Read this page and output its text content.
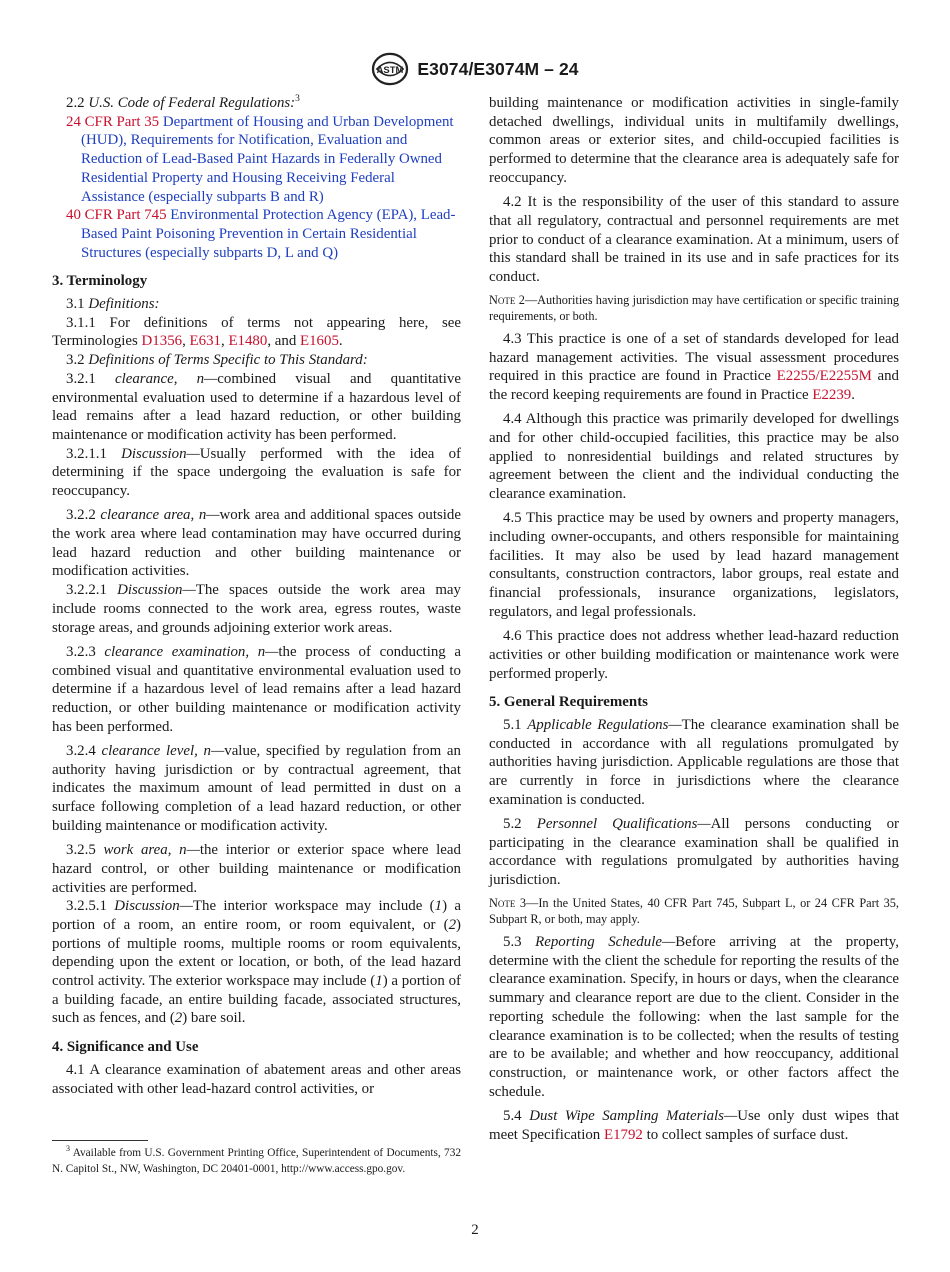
ASTM E3074/E3074M – 24

2.2 U.S. Code of Federal Regulations:$^3$

24 CFR Part 35 Department of Housing and Urban Development (HUD), Requirements for Notification, Evaluation and Reduction of Lead-Based Paint Hazards in Federally Owned Residential Property and Housing Receiving Federal Assistance (especially subparts B and R)

40 CFR Part 745 Environmental Protection Agency (EPA), Lead-Based Paint Poisoning Prevention in Certain Residential Structures (especially subparts D, L and Q)

3. Terminology

3.1 Definitions:

3.1.1 For definitions of terms not appearing here, see Terminologies D1356, E631, E1480, and E1605.

3.2 Definitions of Terms Specific to This Standard:

3.2.1 clearance, n—combined visual and quantitative environmental evaluation used to determine if a hazardous level of lead remains after a lead hazard reduction, or other building maintenance or modification activity has been performed.

3.2.1.1 Discussion—Usually performed with the idea of determining if the space undergoing the evaluation is safe for reoccupancy.

3.2.2 clearance area, n—work area and additional spaces outside the work area where lead contamination may have occurred during lead hazard reduction and other building maintenance or modification activities.

3.2.2.1 Discussion—The spaces outside the work area may include rooms connected to the work area, egress routes, waste storage areas, and grounds adjoining exterior work areas.

3.2.3 clearance examination, n—the process of conducting a combined visual and quantitative environmental evaluation used to determine if a hazardous level of lead remains after a lead hazard reduction, or other building maintenance or modification activity has been performed.

3.2.4 clearance level, n—value, specified by regulation from an authority having jurisdiction or by contractual agreement, that indicates the maximum amount of lead permitted in dust on a surface following completion of a lead hazard reduction, or other building maintenance or modification activity.

3.2.5 work area, n—the interior or exterior space where lead hazard control, or other building maintenance or modification activities are performed.

3.2.5.1 Discussion—The interior workspace may include (1) a portion of a room, an entire room, or room equivalent, or (2) portions of multiple rooms, multiple rooms or room equivalents, depending upon the extent or location, or both, of the lead hazard control activity. The exterior workspace may include (1) a portion of a building facade, an entire building facade, associated structures, such as fences, and (2) bare soil.

4. Significance and Use

4.1 A clearance examination of abatement areas and other areas associated with other lead-hazard control activities, or

building maintenance or modification activities in single-family detached dwellings, individual units in multifamily dwellings, common areas or exterior sites, and child-occupied facilities is performed to determine that the clearance area is adequately safe for reoccupancy.

4.2 It is the responsibility of the user of this standard to assure that all regulatory, contractual and personnel requirements are met prior to conduct of a clearance examination. At a minimum, users of this standard shall be trained in its use and in safe practices for its conduct.

Note 2—Authorities having jurisdiction may have certification or specific training requirements, or both.

4.3 This practice is one of a set of standards developed for lead hazard management activities. The visual assessment procedures required in this practice are found in Practice E2255/E2255M and the record keeping requirements are found in Practice E2239.

4.4 Although this practice was primarily developed for dwellings and for other child-occupied facilities, this practice may be also applied to nonresidential buildings and related structures by agreement between the client and the individual conducting the clearance examination.

4.5 This practice may be used by owners and property managers, including owner-occupants, and others responsible for maintaining facilities. It may also be used by lead hazard management consultants, construction contractors, labor groups, real estate and financial professionals, insurance organizations, legislators, regulators, and legal professionals.

4.6 This practice does not address whether lead-hazard reduction activities or other building modification or maintenance work were performed properly.

5. General Requirements

5.1 Applicable Regulations—The clearance examination shall be conducted in accordance with all regulations promulgated by authorities having jurisdiction. Applicable regulations are those that are currently in force in jurisdictions where the clearance examination is conducted.

5.2 Personnel Qualifications—All persons conducting or participating in the clearance examination shall be qualified in accordance with regulations promulgated by authorities having jurisdiction.

Note 3—In the United States, 40 CFR Part 745, Subpart L, or 24 CFR Part 35, Subpart R, or both, may apply.

5.3 Reporting Schedule—Before arriving at the property, determine with the client the schedule for reporting the results of the clearance examination. Specify, in hours or days, when the clearance summary and clearance report are due to the client. Consider in the reporting schedule the following: when the last sample for the clearance examination is to be collected; when the results of testing are to be available; and whether and how reoccupancy, additional construction, or maintenance work, or other factors affect the schedule.

5.4 Dust Wipe Sampling Materials—Use only dust wipes that meet Specification E1792 to collect samples of surface dust.

$^3$ Available from U.S. Government Printing Office, Superintendent of Documents, 732 N. Capitol St., NW, Washington, DC 20401-0001, http://www.access.gpo.gov.
2
